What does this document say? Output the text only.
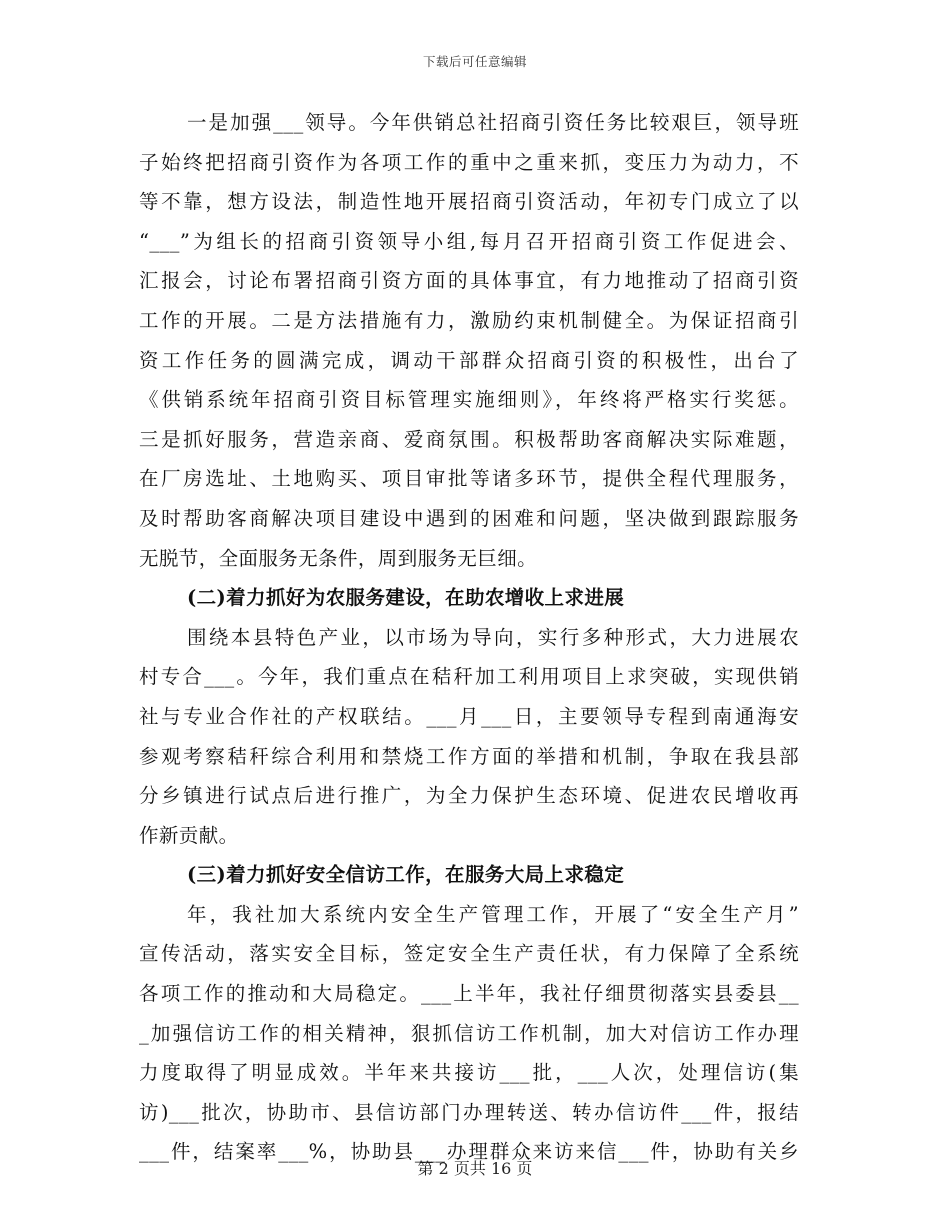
下载后可任意编辑
一是加强___领导。今年供销总社招商引资任务比较艰巨，领导班
子始终把招商引资作为各项工作的重中之重来抓，变压力为动力，不
等不靠，想方设法，制造性地开展招商引资活动，年初专门成立了以
“___”为组长的招商引资领导小组,每月召开招商引资工作促进会、
汇报会，讨论布署招商引资方面的具体事宜，有力地推动了招商引资
工作的开展。二是方法措施有力，激励约束机制健全。为保证招商引
资工作任务的圆满完成，调动干部群众招商引资的积极性，出台了
《供销系统年招商引资目标管理实施细则》，年终将严格实行奖惩。
三是抓好服务，营造亲商、爱商氛围。积极帮助客商解决实际难题，
在厂房选址、土地购买、项目审批等诸多环节，提供全程代理服务，
及时帮助客商解决项目建设中遇到的困难和问题，坚决做到跟踪服务
无脱节，全面服务无条件，周到服务无巨细。
(二)着力抓好为农服务建设，在助农增收上求进展
围绕本县特色产业，以市场为导向，实行多种形式，大力进展农
村专合___。今年，我们重点在秸秆加工利用项目上求突破，实现供销
社与专业合作社的产权联结。___月___日，主要领导专程到南通海安
参观考察秸秆综合利用和禁烧工作方面的举措和机制，争取在我县部
分乡镇进行试点后进行推广，为全力保护生态环境、促进农民增收再
作新贡献。
(三)着力抓好安全信访工作，在服务大局上求稳定
年，我社加大系统内安全生产管理工作，开展了“安全生产月”
宣传活动，落实安全目标，签定安全生产责任状，有力保障了全系统
各项工作的推动和大局稳定。___上半年，我社仔细贯彻落实县委县__
_加强信访工作的相关精神，狠抓信访工作机制，加大对信访工作办理
力度取得了明显成效。半年来共接访___批，___人次，处理信访(集
访)___批次，协助市、县信访部门办理转送、转办信访件___件，报结
___件，结案率___%，协助县___办理群众来访来信___件，协助有关乡
第 2 页共 16 页
